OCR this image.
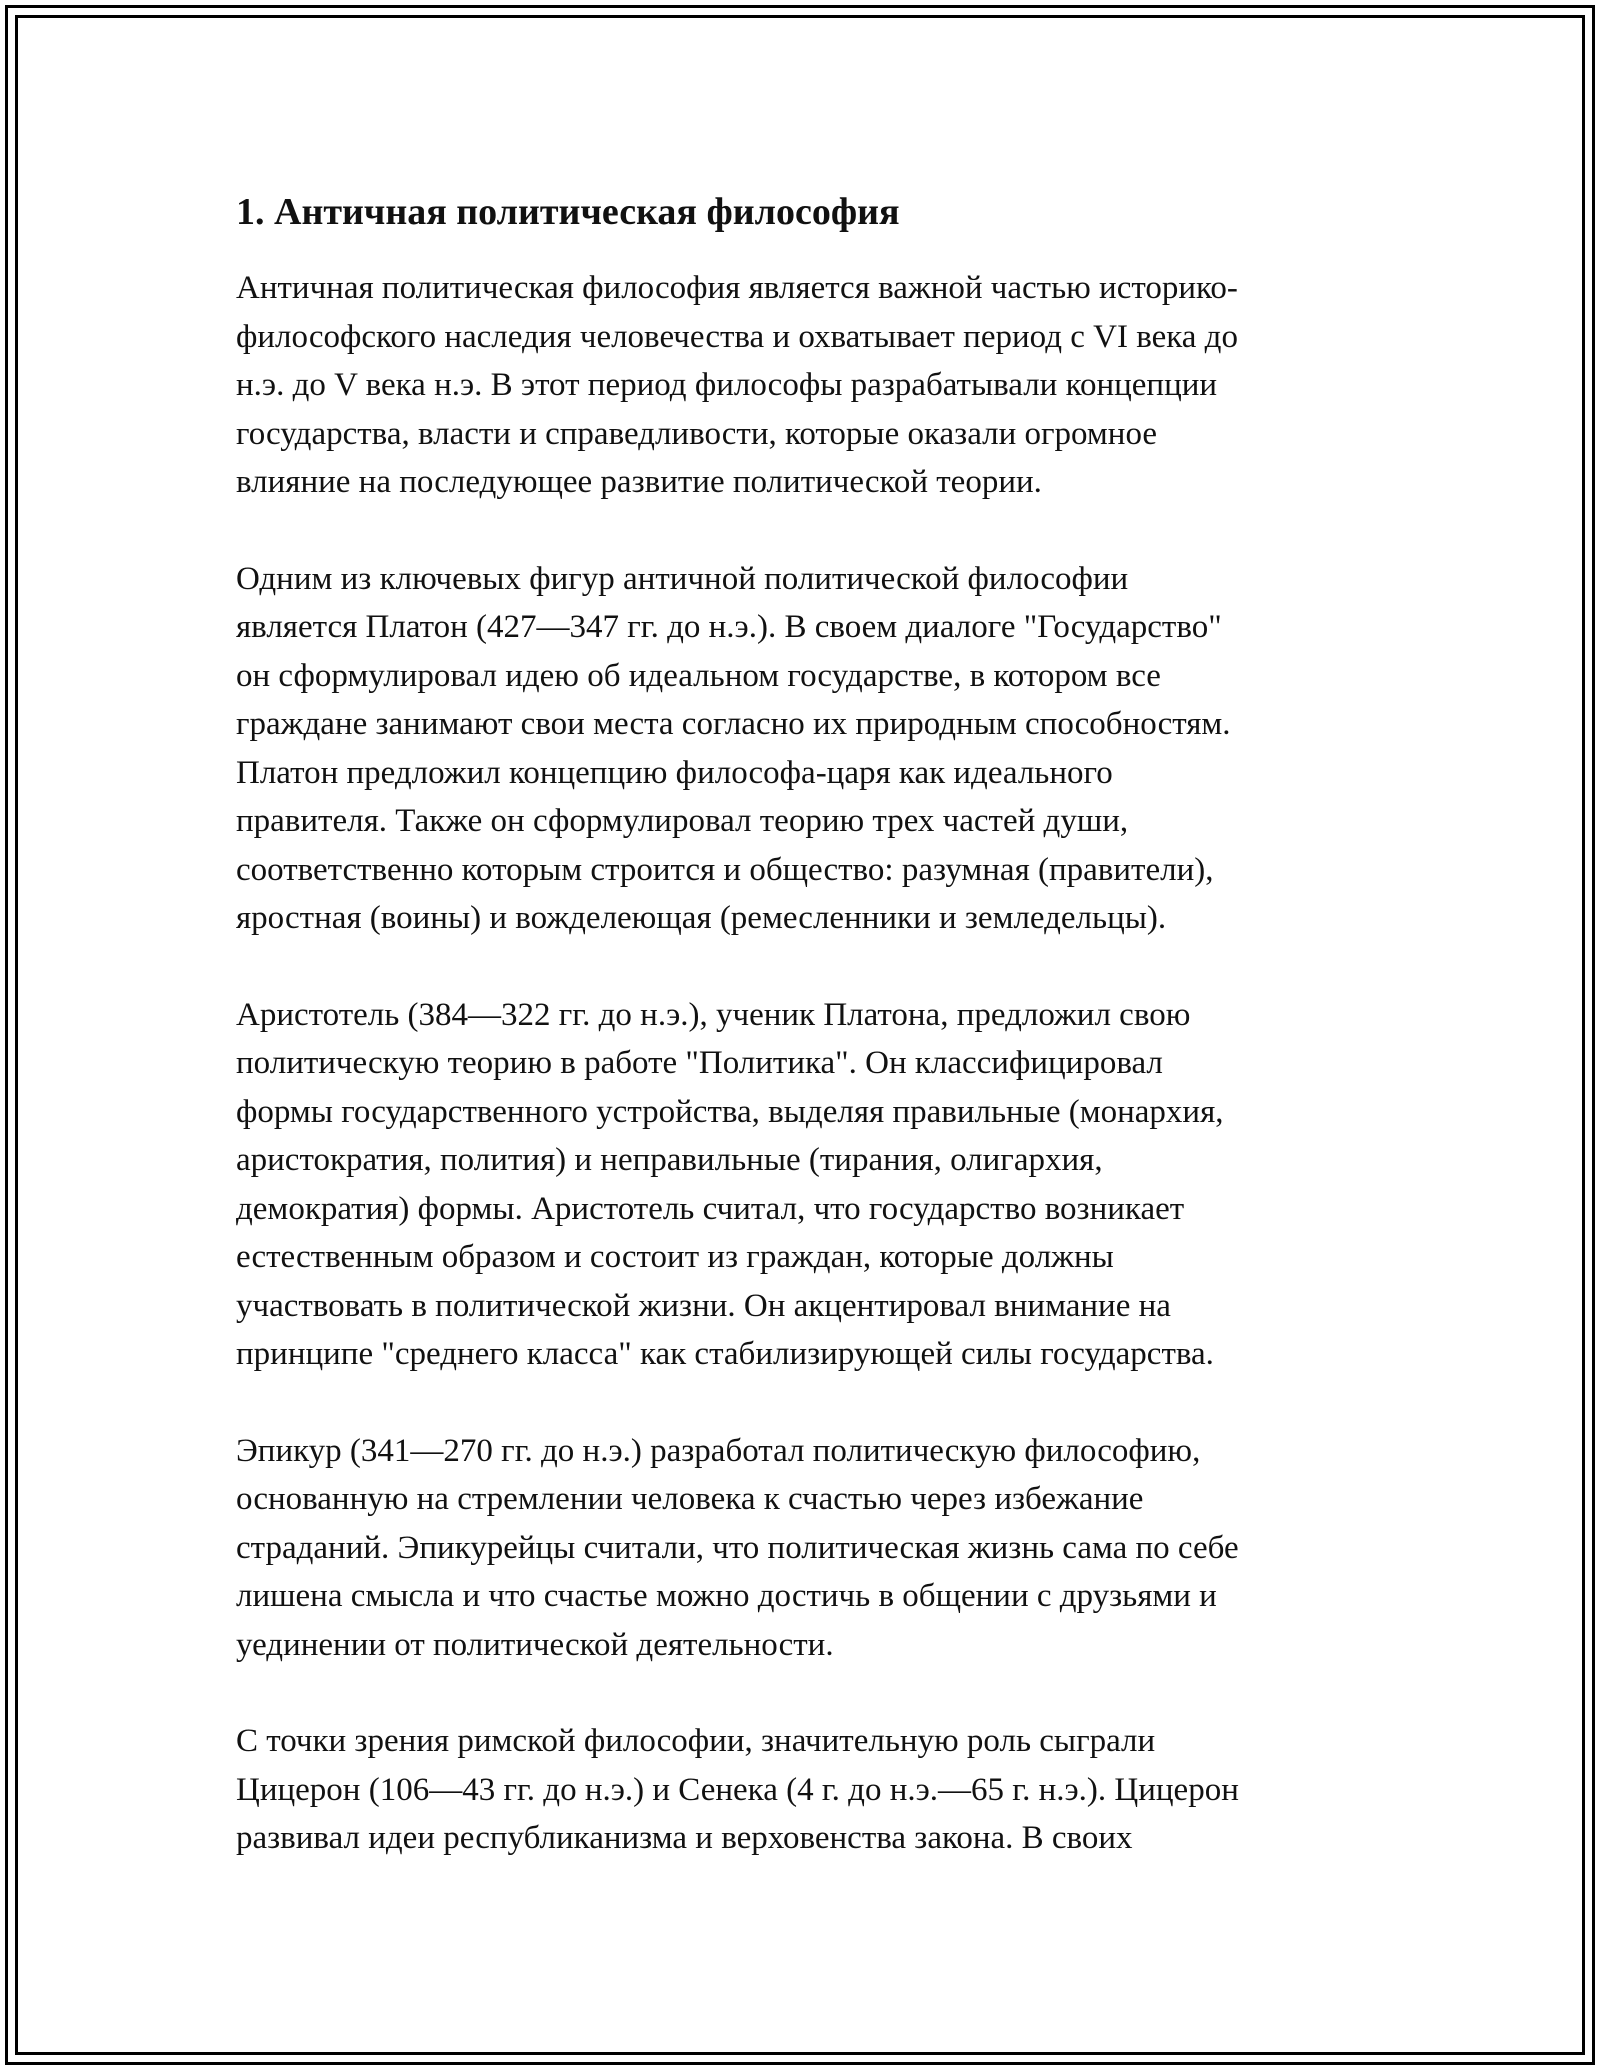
1. Античная политическая философия

Античная политическая философия является важной частью историко-
философского наследия человечества и охватывает период с VI века до
н.э. до V века н.э. В этот период философы разрабатывали концепции
государства, власти и справедливости, которые оказали огромное
влияние на последующее развитие политической теории.

Одним из ключевых фигур античной политической философии
является Платон (427—347 гг. до н.э.). В своем диалоге "Государство"
он сформулировал идею об идеальном государстве, в котором все
граждане занимают свои места согласно их природным способностям.
Платон предложил концепцию философа-царя как идеального
правителя. Также он сформулировал теорию трех частей души,
соответственно которым строится и общество: разумная (правители),
яростная (воины) и вожделеющая (ремесленники и земледельцы).

Аристотель (384—322 гг. до н.э.), ученик Платона, предложил свою
политическую теорию в работе "Политика". Он классифицировал
формы государственного устройства, выделяя правильные (монархия,
аристократия, полития) и неправильные (тирания, олигархия,
демократия) формы. Аристотель считал, что государство возникает
естественным образом и состоит из граждан, которые должны
участвовать в политической жизни. Он акцентировал внимание на
принципе "среднего класса" как стабилизирующей силы государства.

Эпикур (341—270 гг. до н.э.) разработал политическую философию,
основанную на стремлении человека к счастью через избежание
страданий. Эпикурейцы считали, что политическая жизнь сама по себе
лишена смысла и что счастье можно достичь в общении с друзьями и
уединении от политической деятельности.

С точки зрения римской философии, значительную роль сыграли
Цицерон (106—43 гг. до н.э.) и Сенека (4 г. до н.э.—65 г. н.э.). Цицерон
развивал идеи республиканизма и верховенства закона. В своих
